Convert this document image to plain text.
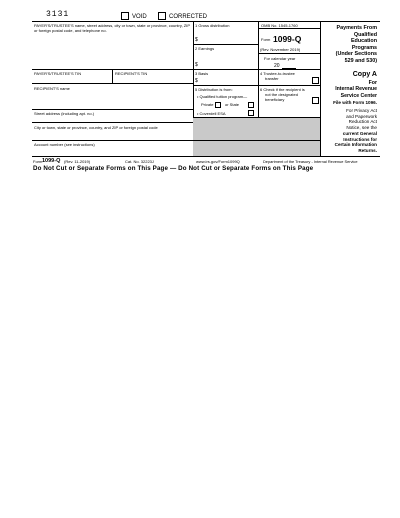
3131	VOID	CORRECTED
PAYER'S/TRUSTEE'S name, street address, city or town, state or province, country, ZIP or foreign postal code, and telephone no.
1 Gross distribution
$
2 Earnings
$
OMB No. 1545-1760
Form 1099-Q
(Rev. November 2019)
For calendar year
20
3 Basis
$
4 Trustee-to-trustee
transfer
5 Distribution is from:
• Qualified tuition program—
Private	or State
• Coverdell ESA
6 Check if the recipient is
not the designated
beneficiary
PAYER'S/TRUSTEE'S TIN	RECIPIENT'S TIN
RECIPIENT'S name
Street address (including apt. no.)
City or town, state or province, country, and ZIP or foreign postal code
Account number (see instructions)
Payments From
Qualified
Education
Programs
(Under Sections
529 and 530)
Copy A
For
Internal Revenue
Service Center
File with Form 1096.
For Privacy Act
and Paperwork
Reduction Act
Notice, see the
current General
Instructions for
Certain Information
Returns.
Form 1099-Q (Rev. 11-2019)	Cat. No. 32223J	www.irs.gov/Form1099Q	Department of the Treasury - Internal Revenue Service
Do Not Cut or Separate Forms on This Page — Do Not Cut or Separate Forms on This Page
